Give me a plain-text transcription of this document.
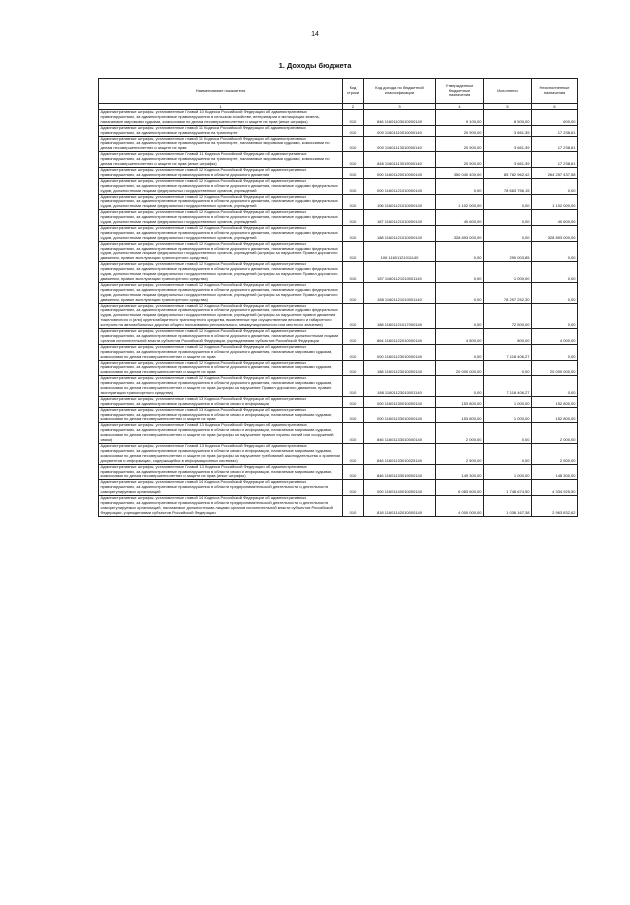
14
1. Доходы бюджета
Наименование показателя	Код строки	Код дохода по бюджетной классификации	Утвержденные бюджетные назначения	Исполнено	Неисполненные назначения
1	2	3	4	5	6
Административные штрафы, установленные Главой 10 Кодекса Российской Федерации об административных правонарушениях, за административные правонарушения в сельском хозяйстве, ветеринарии и мелиорации земель, налагаемые мировыми судьями, комиссиями по делам несовершеннолетних и защите их прав (иные штрафы)	010	846 11601103010000140	9 100,00	8 500,00	600,00
Административные штрафы, установленные главой 11 Кодекса Российской Федерации об административных правонарушениях, за административные правонарушения на транспорте	010	000 11601110010000140	20 900,00	3 661,39	17 238,61
Административные штрафы, установленные главой 11 Кодекса Российской Федерации об административных правонарушениях, за административные правонарушения на транспорте, налагаемые мировыми судьями, комиссиями по делам несовершеннолетних и защите их прав	010	000 11601113010000140	20 900,00	3 661,39	17 238,61
Административные штрафы, установленные Главой 11 Кодекса Российской Федерации об административных правонарушениях, за административные правонарушения на транспорте, налагаемые мировыми судьями, комиссиями по делам несовершеннолетних и защите их прав (иные штрафы)	010	846 11601113019000140	20 900,00	3 661,39	17 238,61
Административные штрафы, установленные главой 12 Кодекса Российской Федерации об административных правонарушениях, за административные правонарушения в области дорожного движения	010	000 11601120010000140	350 040 400,00	85 782 962,42	264 257 437,58
Административные штрафы, установленные главой 12 Кодекса Российской Федерации об административных правонарушениях, за административные правонарушения в области дорожного движения, налагаемые судьями федеральных судов, должностными лицами федеральных государственных органов, учреждений	010	000 11601121010000140	0,00	78 663 756,15	0,00
Административные штрафы, установленные главой 12 Кодекса Российской Федерации об административных правонарушениях, за административные правонарушения в области дорожного движения, налагаемые судьями федеральных судов, должностными лицами федеральных государственных органов, учреждений	010	106 11601121010000140	1 102 000,00	0,00	1 102 000,00
Административные штрафы, установленные главой 12 Кодекса Российской Федерации об административных правонарушениях, за административные правонарушения в области дорожного движения, налагаемые судьями федеральных судов, должностными лицами федеральных государственных органов, учреждений	010	187 11601121010000140	40 600,00	0,00	40 600,00
Административные штрафы, установленные главой 12 Кодекса Российской Федерации об административных правонарушениях, за административные правонарушения в области дорожного движения, налагаемые судьями федеральных судов, должностными лицами федеральных государственных органов, учреждений	010	188 11601121010000140	328 893 000,00	0,00	328 893 000,00
Административные штрафы, установленные главой 12 Кодекса Российской Федерации об административных правонарушениях, за административные правонарушения в области дорожного движения, налагаемые судьями федеральных судов, должностными лицами федеральных государственных органов, учреждений (штрафы за нарушение Правил дорожного движения, правил эксплуатации транспортного средства)	010	106 11601121011140	0,00	290 003,85	0,00
Административные штрафы, установленные главой 12 Кодекса Российской Федерации об административных правонарушениях, за административные правонарушения в области дорожного движения, налагаемые судьями федеральных судов, должностными лицами федеральных государственных органов, учреждений (штрафы за нарушение Правил дорожного движения, правил эксплуатации транспортного средства)	010	187 11601121010001140	0,00	1 000,00	0,00
Административные штрафы, установленные главой 12 Кодекса Российской Федерации об административных правонарушениях, за административные правонарушения в области дорожного движения, налагаемые судьями федеральных судов, должностными лицами федеральных государственных органов, учреждений (штрафы за нарушение Правил дорожного движения, правил эксплуатации транспортного средства)	010	188 11601121010001140	0,00	78 297 252,30	0,00
Административные штрафы, установленные главой 12 Кодекса Российской Федерации об административных правонарушениях, за административные правонарушения в области дорожного движения, налагаемые судьями федеральных судов, должностными лицами федеральных государственных органов, учреждений (штрафы за нарушение правил движения тяжеловесного и (или) крупногабаритного транспортного средства, выявленные при осуществлении весового и габаритного контроля на автомобильных дорогах общего пользования регионального, межмуниципального или местного значения)	010	188 11601121017000140	0,00	72 500,00	0,00
Административные штрафы, установленные главой 12 Кодекса Российской Федерации об административных правонарушениях, за административные правонарушения в области дорожного движения, налагаемые должностными лицами органов исполнительной власти субъектов Российской Федерации, учреждениями субъектов Российской Федерации	010	864 11601122010000140	4 800,00	800,00	4 000,00
Административные штрафы, установленные главой 12 Кодекса Российской Федерации об административных правонарушениях, за административные правонарушения в области дорожного движения, налагаемые мировыми судьями, комиссиями по делам несовершеннолетних и защите их прав	010	000 11601123010000140	0,00	7 118 406,27	0,00
Административные штрафы, установленные главой 12 Кодекса Российской Федерации об административных правонарушениях, за административные правонарушения в области дорожного движения, налагаемые мировыми судьями, комиссиями по делам несовершеннолетних и защите их прав	010	188 11601123010000140	20 000 000,00	0,00	20 000 000,00
Административные штрафы, установленные главой 12 Кодекса Российской Федерации об административных правонарушениях, за административные правонарушения в области дорожного движения, налагаемые мировыми судьями, комиссиями по делам несовершеннолетних и защите их прав (штрафы за нарушение Правил дорожного движения, правил эксплуатации транспортного средства)	010	188 11601123010001140	0,00	7 118 406,27	0,00
Административные штрафы, установленные главой 13 Кодекса Российской Федерации об административных правонарушениях, за административные правонарушения в области связи и информации	010	000 11601130010000140	153 800,00	1 000,00	152 800,00
Административные штрафы, установленные главой 13 Кодекса Российской Федерации об административных правонарушениях, за административные правонарушения в области связи и информации, налагаемые мировыми судьями, комиссиями по делам несовершеннолетних и защите их прав	010	000 11601133010000140	153 800,00	1 000,00	152 800,00
Административные штрафы, установленные Главой 13 Кодекса Российской Федерации об административных правонарушениях, за административные правонарушения в области связи и информации, налагаемые мировыми судьями, комиссиями по делам несовершеннолетних и защите их прав (штрафы за нарушение правил охраны линий или сооружений связи)	010	846 11601133010000140	2 000,00	0,00	2 000,00
Административные штрафы, установленные Главой 13 Кодекса Российской Федерации об административных правонарушениях, за административные правонарушения в области связи и информации, налагаемые мировыми судьями, комиссиями по делам несовершеннолетних и защите их прав (штрафы за нарушение требований законодательства о хранении документов и информации, содержащейся в информационных системах)	010	846 11601133010025140	2 500,00	0,00	2 500,00
Административные штрафы, установленные Главой 13 Кодекса Российской Федерации об административных правонарушениях, за административные правонарушения в области связи и информации, налагаемые мировыми судьями, комиссиями по делам несовершеннолетних и защите их прав (иные штрафы)	010	846 11601133019000140	149 300,00	1 000,00	148 300,00
Административные штрафы, установленные главой 14 Кодекса Российской Федерации об административных правонарушениях, за административные правонарушения в области предпринимательской деятельности и деятельности саморегулируемых организаций	010	000 11601140010000140	6 083 600,00	1 748 674,50	4 334 925,50
Административные штрафы, установленные главой 14 Кодекса Российской Федерации об административных правонарушениях, за административные правонарушения в области предпринимательской деятельности и деятельности саморегулируемых организаций, налагаемые должностными лицами органов исполнительной власти субъектов Российской Федерации, учреждениями субъектов Российской Федерации	010	818 11601142010000140	4 000 000,00	1 036 167,38	2 963 832,62
